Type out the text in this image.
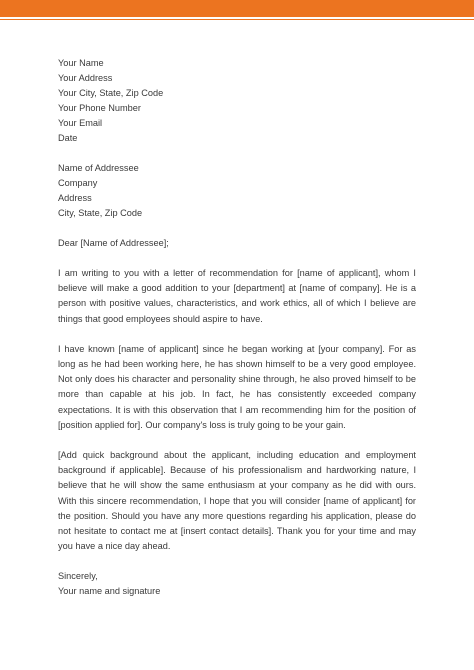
Your Name
Your Address
Your City, State, Zip Code
Your Phone Number
Your Email
Date
Name of Addressee
Company
Address
City, State, Zip Code
Dear [Name of Addressee];

I am writing to you with a letter of recommendation for [name of applicant], whom I believe will make a good addition to your [department] at [name of company]. He is a person with positive values, characteristics, and work ethics, all of which I believe are things that good employees should aspire to have.

I have known [name of applicant] since he began working at [your company]. For as long as he had been working here, he has shown himself to be a very good employee. Not only does his character and personality shine through, he also proved himself to be more than capable at his job. In fact, he has consistently exceeded company expectations. It is with this observation that I am recommending him for the position of [position applied for]. Our company's loss is truly going to be your gain.

[Add quick background about the applicant, including education and employment background if applicable]. Because of his professionalism and hardworking nature, I believe that he will show the same enthusiasm at your company as he did with ours. With this sincere recommendation, I hope that you will consider [name of applicant] for the position. Should you have any more questions regarding his application, please do not hesitate to contact me at [insert contact details]. Thank you for your time and may you have a nice day ahead.

Sincerely,
Your name and signature
